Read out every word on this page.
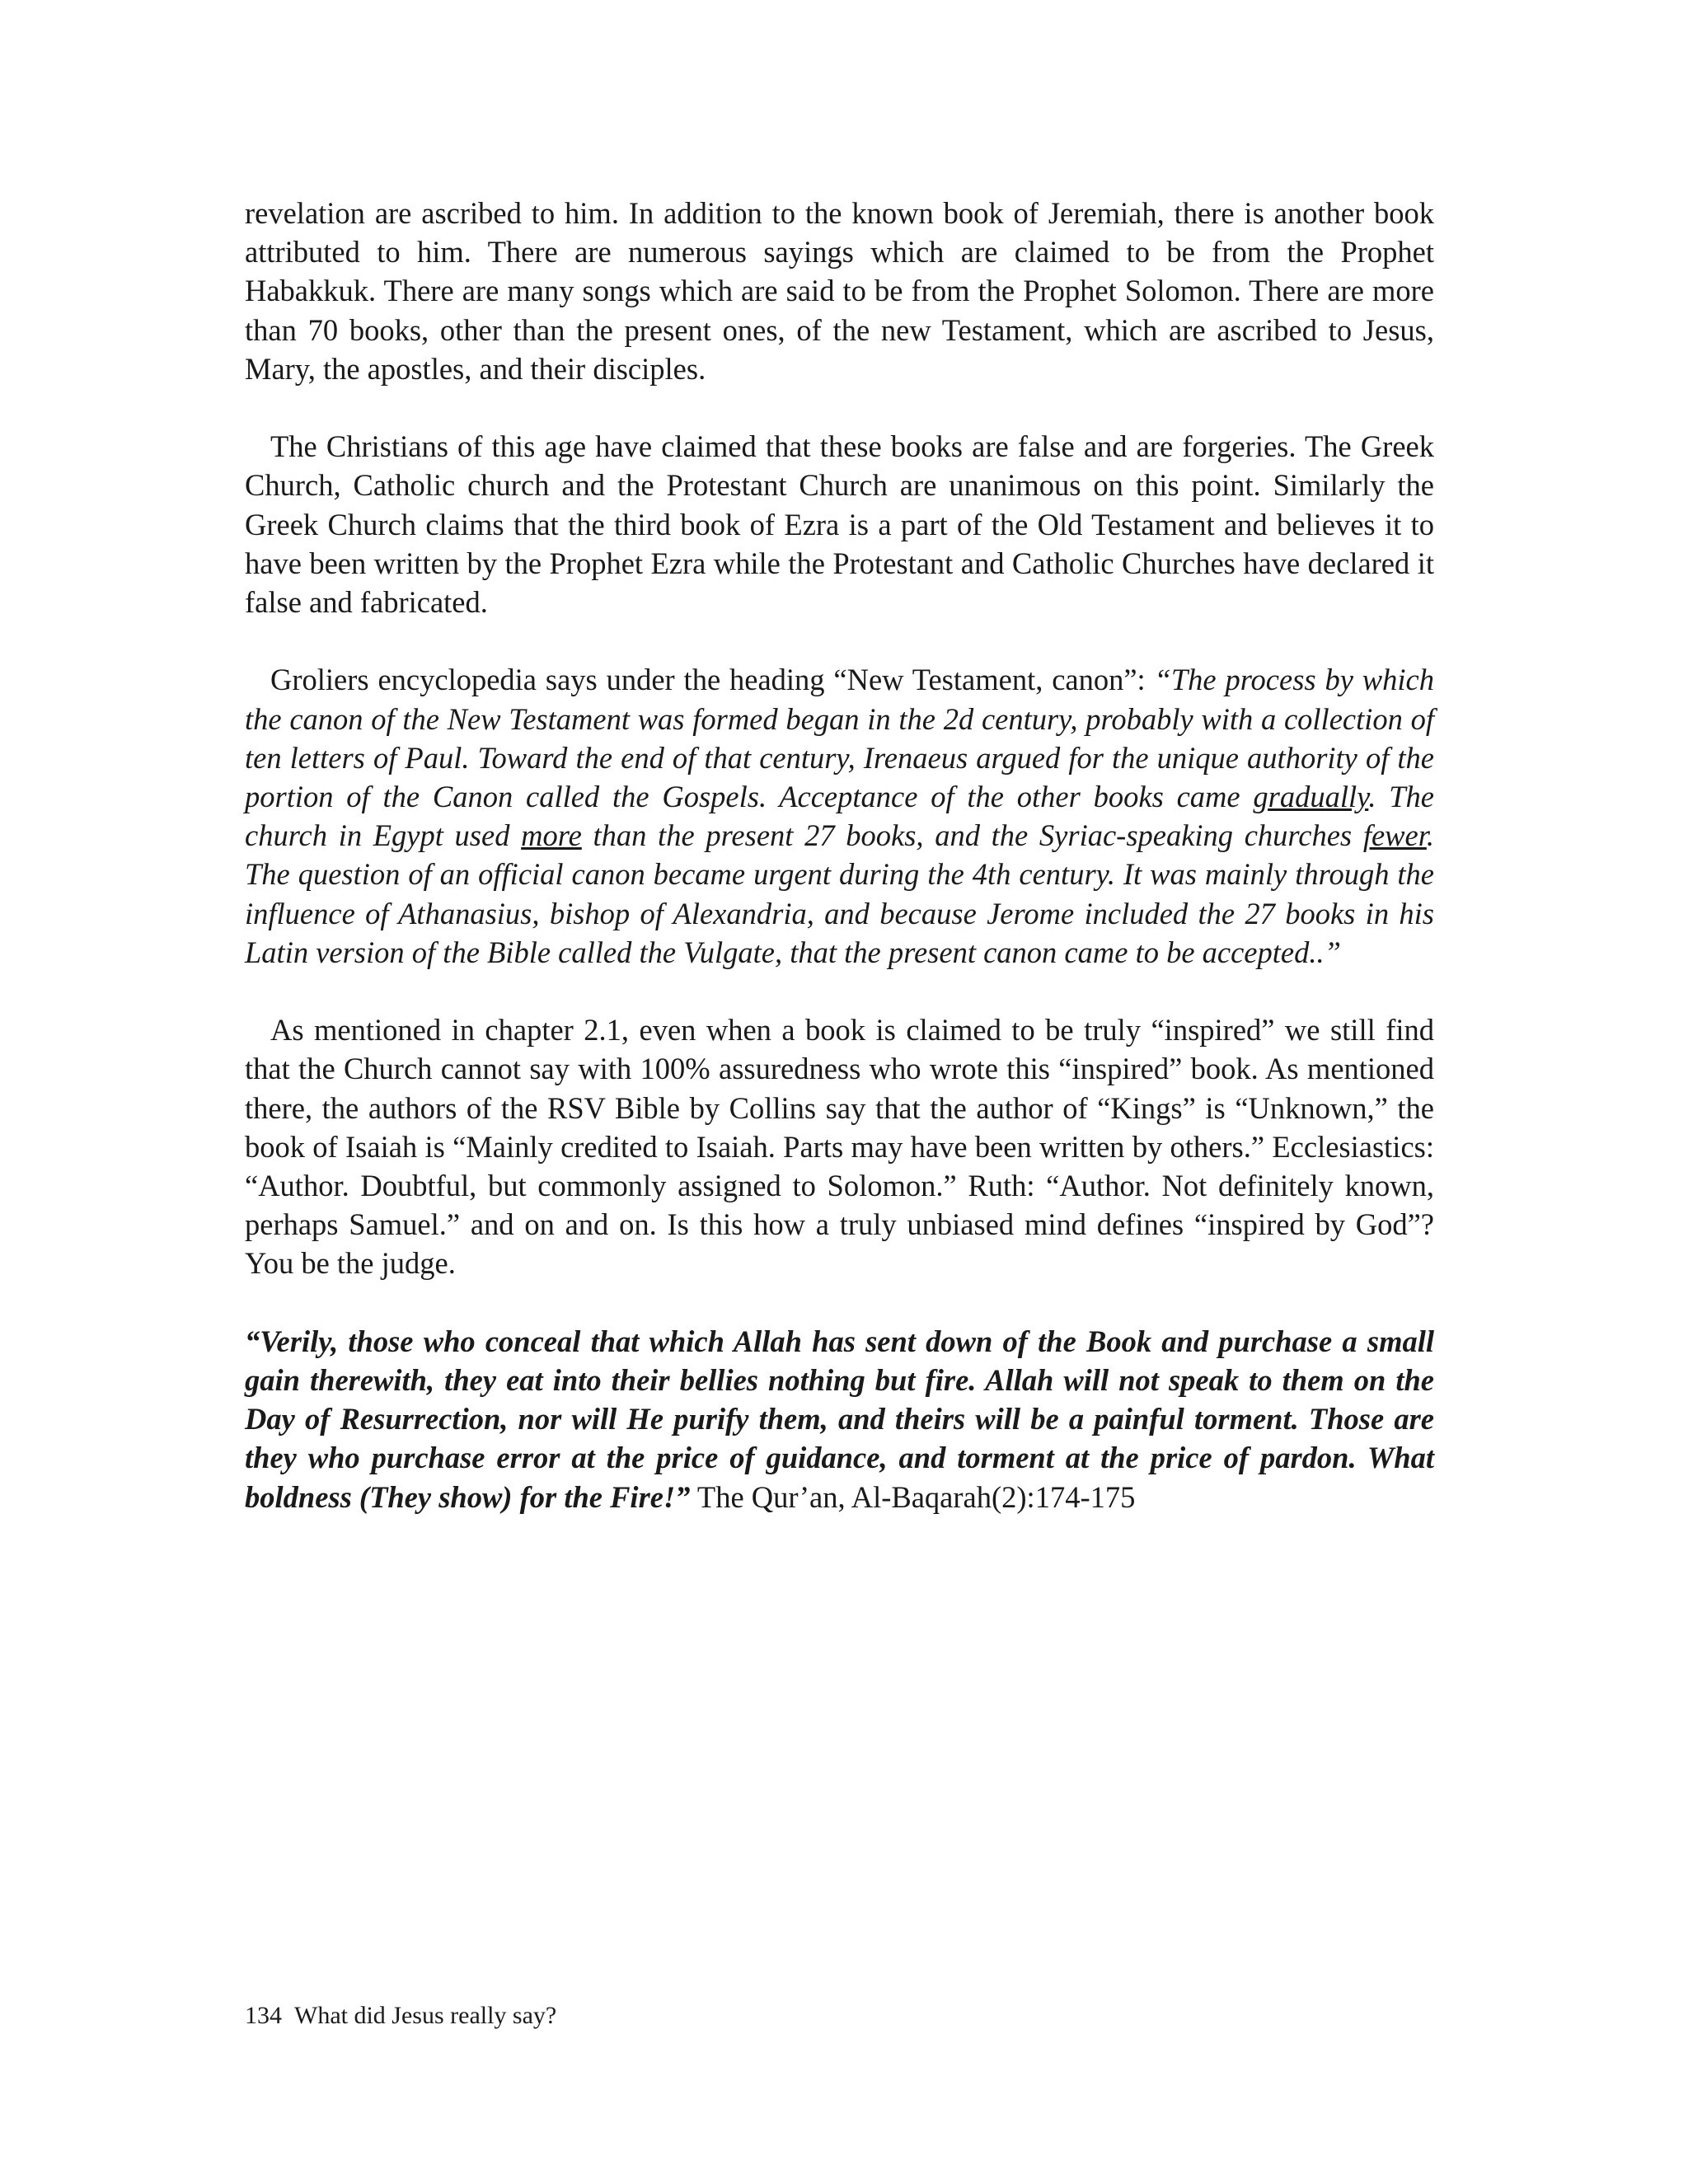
revelation are ascribed to him. In addition to the known book of Jeremiah, there is another book attributed to him. There are numerous sayings which are claimed to be from the Prophet Habakkuk. There are many songs which are said to be from the Prophet Solomon. There are more than 70 books, other than the present ones, of the new Testament, which are ascribed to Jesus, Mary, the apostles, and their disciples.

The Christians of this age have claimed that these books are false and are forgeries. The Greek Church, Catholic church and the Protestant Church are unanimous on this point. Similarly the Greek Church claims that the third book of Ezra is a part of the Old Testament and believes it to have been written by the Prophet Ezra while the Protestant and Catholic Churches have declared it false and fabricated.

Groliers encyclopedia says under the heading “New Testament, canon”: “The process by which the canon of the New Testament was formed began in the 2d century, probably with a collection of ten letters of Paul. Toward the end of that century, Irenaeus argued for the unique authority of the portion of the Canon called the Gospels. Acceptance of the other books came gradually. The church in Egypt used more than the present 27 books, and the Syriac-speaking churches fewer. The question of an official canon became urgent during the 4th century. It was mainly through the influence of Athanasius, bishop of Alexandria, and because Jerome included the 27 books in his Latin version of the Bible called the Vulgate, that the present canon came to be accepted..”

As mentioned in chapter 2.1, even when a book is claimed to be truly “inspired” we still find that the Church cannot say with 100% assuredness who wrote this “inspired” book. As mentioned there, the authors of the RSV Bible by Collins say that the author of “Kings” is “Unknown,” the book of Isaiah is “Mainly credited to Isaiah. Parts may have been written by others.” Ecclesiastics: “Author. Doubtful, but commonly assigned to Solomon.” Ruth: “Author. Not definitely known, perhaps Samuel.” and on and on. Is this how a truly unbiased mind defines “inspired by God”? You be the judge.

“Verily, those who conceal that which Allah has sent down of the Book and purchase a small gain therewith, they eat into their bellies nothing but fire. Allah will not speak to them on the Day of Resurrection, nor will He purify them, and theirs will be a painful torment. Those are they who purchase error at the price of guidance, and torment at the price of pardon. What boldness (They show) for the Fire!” The Qur’an, Al-Baqarah(2):174-175

134 What did Jesus really say?
